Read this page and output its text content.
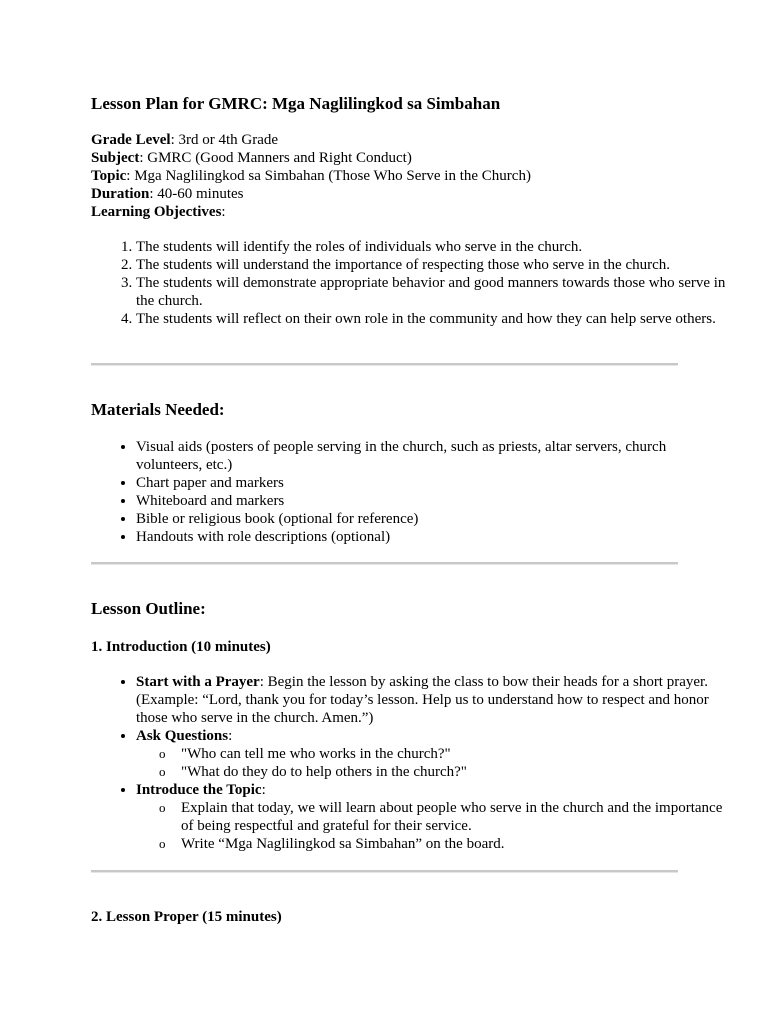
Lesson Plan for GMRC: Mga Naglilingkod sa Simbahan
Grade Level: 3rd or 4th Grade
Subject: GMRC (Good Manners and Right Conduct)
Topic: Mga Naglilingkod sa Simbahan (Those Who Serve in the Church)
Duration: 40-60 minutes
Learning Objectives:
1. The students will identify the roles of individuals who serve in the church.
2. The students will understand the importance of respecting those who serve in the church.
3. The students will demonstrate appropriate behavior and good manners towards those who serve in the church.
4. The students will reflect on their own role in the community and how they can help serve others.
Materials Needed:
• Visual aids (posters of people serving in the church, such as priests, altar servers, church volunteers, etc.)
• Chart paper and markers
• Whiteboard and markers
• Bible or religious book (optional for reference)
• Handouts with role descriptions (optional)
Lesson Outline:
1. Introduction (10 minutes)
• Start with a Prayer: Begin the lesson by asking the class to bow their heads for a short prayer. (Example: “Lord, thank you for today’s lesson. Help us to understand how to respect and honor those who serve in the church. Amen.”)
• Ask Questions:
o "Who can tell me who works in the church?"
o "What do they do to help others in the church?"
• Introduce the Topic:
o Explain that today, we will learn about people who serve in the church and the importance of being respectful and grateful for their service.
o Write “Mga Naglilingkod sa Simbahan” on the board.
2. Lesson Proper (15 minutes)
